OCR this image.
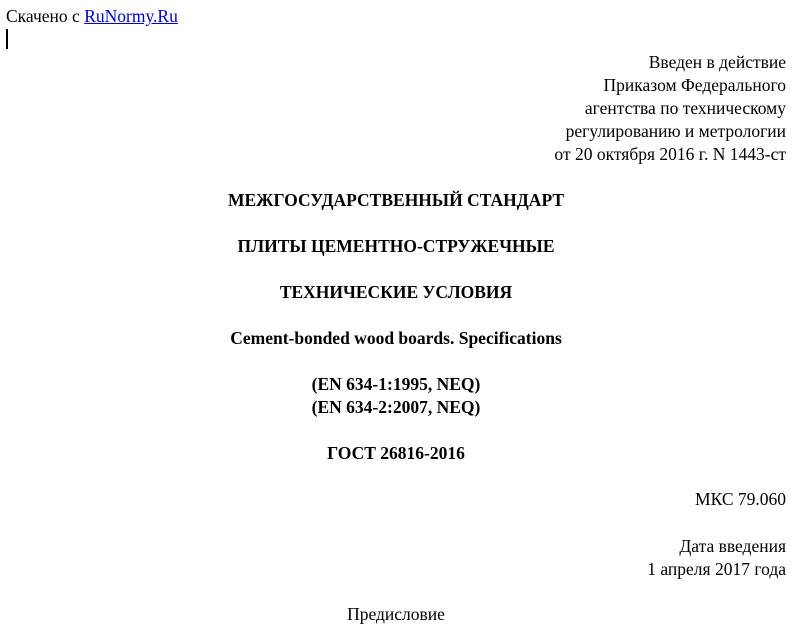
Скачено с RuNormy.Ru
Введен в действие
Приказом Федерального
агентства по техническому
регулированию и метрологии
от 20 октября 2016 г. N 1443-ст
МЕЖГОСУДАРСТВЕННЫЙ СТАНДАРТ
ПЛИТЫ ЦЕМЕНТНО-СТРУЖЕЧНЫЕ
ТЕХНИЧЕСКИЕ УСЛОВИЯ
Cement-bonded wood boards. Specifications
(EN 634-1:1995, NEQ)
(EN 634-2:2007, NEQ)
ГОСТ 26816-2016
МКС 79.060
Дата введения
1 апреля 2017 года
Предисловие
